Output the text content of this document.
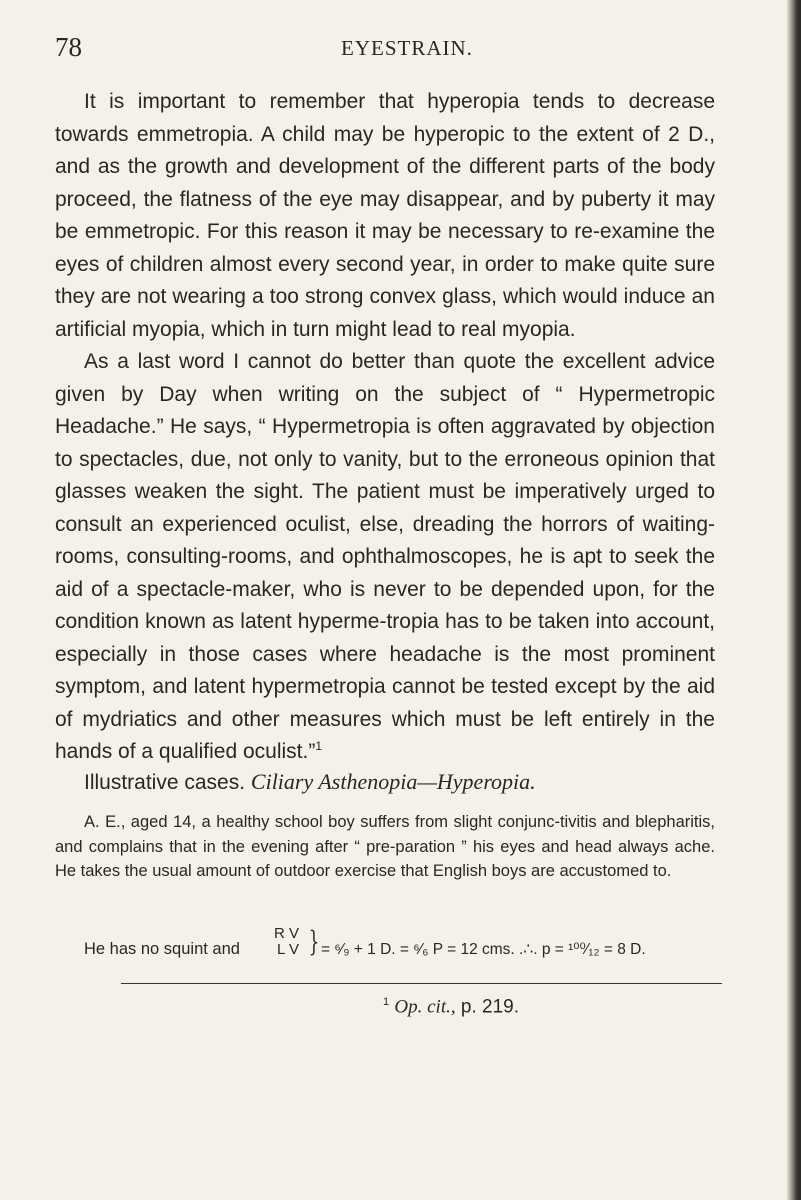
78	EYESTRAIN.

It is important to remember that hyperopia tends to decrease towards emmetropia. A child may be hyperopic to the extent of 2 D., and as the growth and development of the different parts of the body proceed, the flatness of the eye may disappear, and by puberty it may be emmetropic. For this reason it may be necessary to re-examine the eyes of children almost every second year, in order to make quite sure they are not wearing a too strong convex glass, which would induce an artificial myopia, which in turn might lead to real myopia.

As a last word I cannot do better than quote the excellent advice given by Day when writing on the subject of “ Hypermetropic Headache.” He says, “ Hypermetropia is often aggravated by objection to spectacles, due, not only to vanity, but to the erroneous opinion that glasses weaken the sight. The patient must be imperatively urged to consult an experienced oculist, else, dreading the horrors of waiting-rooms, consulting-rooms, and ophthalmoscopes, he is apt to seek the aid of a spectacle-maker, who is never to be depended upon, for the condition known as latent hyperme-tropia has to be taken into account, especially in those cases where headache is the most prominent symptom, and latent hypermetropia cannot be tested except by the aid of mydriatics and other measures which must be left entirely in the hands of a qualified oculist.”$^1$

Illustrative cases. Ciliary Asthenopia—Hyperopia.

A. E., aged 14, a healthy school boy suffers from slight conjunc-tivitis and blepharitis, and complains that in the evening after “ pre-paration ” his eyes and head always ache. He takes the usual amount of outdoor exercise that English boys are accustomed to.

He has no squint and
R V
L V } = ⁶⁄₉ + 1 D. = ⁶⁄₆ P = 12 cms. .∴. p = ¹⁰⁰⁄₁₂ = 8 D.
$^1$ Op. cit., p. 219.
